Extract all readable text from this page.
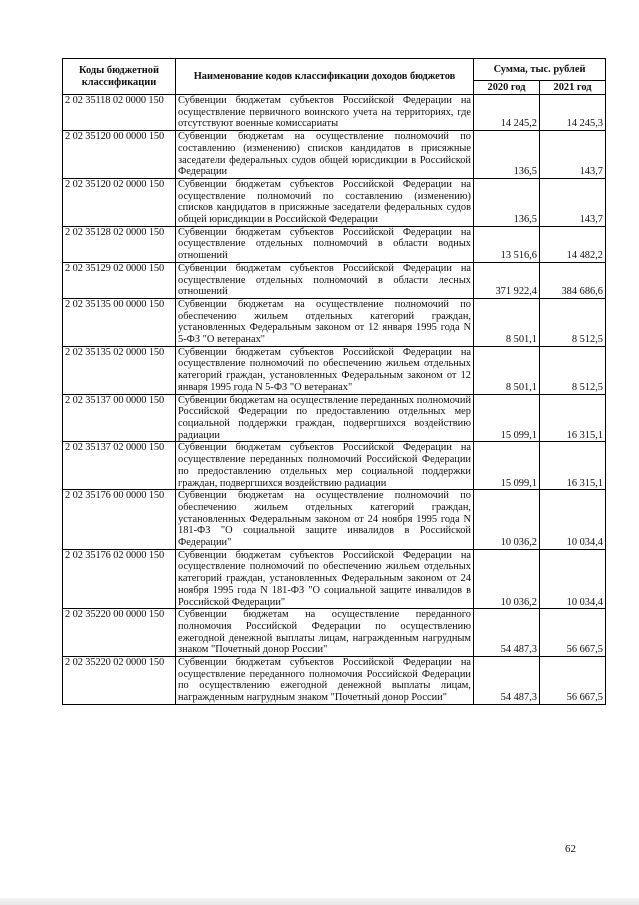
Коды бюджетной классификации	Наименование кодов классификации доходов бюджетов	Сумма, тыс. рублей	
		2020 год	2021 год
2 02 35118 02 0000 150	Субвенции бюджетам субъектов Российской Федерации на осуществление первичного воинского учета на территориях, где отсутствуют военные комиссариаты	14 245,2	14 245,3
2 02 35120 00 0000 150	Субвенции бюджетам на осуществление полномочий по составлению (изменению) списков кандидатов в присяжные заседатели федеральных судов общей юрисдикции в Российской Федерации	136,5	143,7
2 02 35120 02 0000 150	Субвенции бюджетам субъектов Российской Федерации на осуществление полномочий по составлению (изменению) списков кандидатов в присяжные заседатели федеральных судов общей юрисдикции в Российской Федерации	136,5	143,7
2 02 35128 02 0000 150	Субвенции бюджетам субъектов Российской Федерации на осуществление отдельных полномочий в области водных отношений	13 516,6	14 482,2
2 02 35129 02 0000 150	Субвенции бюджетам субъектов Российской Федерации на осуществление отдельных полномочий в области лесных отношений	371 922,4	384 686,6
2 02 35135 00 0000 150	Субвенции бюджетам на осуществление полномочий по обеспечению жильем отдельных категорий граждан, установленных Федеральным законом от 12 января 1995 года N 5-ФЗ "О ветеранах"	8 501,1	8 512,5
2 02 35135 02 0000 150	Субвенции бюджетам субъектов Российской Федерации на осуществление полномочий по обеспечению жильем отдельных категорий граждан, установленных Федеральным законом от 12 января 1995 года N 5-ФЗ "О ветеранах"	8 501,1	8 512,5
2 02 35137 00 0000 150	Субвенции бюджетам на осуществление переданных полномочий Российской Федерации по предоставлению отдельных мер социальной поддержки граждан, подвергшихся воздействию радиации	15 099,1	16 315,1
2 02 35137 02 0000 150	Субвенции бюджетам субъектов Российской Федерации на осуществление переданных полномочий Российской Федерации по предоставлению отдельных мер социальной поддержки граждан, подвергшихся воздействию радиации	15 099,1	16 315,1
2 02 35176 00 0000 150	Субвенции бюджетам на осуществление полномочий по обеспечению жильем отдельных категорий граждан, установленных Федеральным законом от 24 ноября 1995 года N 181-ФЗ "О социальной защите инвалидов в Российской Федерации"	10 036,2	10 034,4
2 02 35176 02 0000 150	Субвенции бюджетам субъектов Российской Федерации на осуществление полномочий по обеспечению жильем отдельных категорий граждан, установленных Федеральным законом от 24 ноября 1995 года N 181-ФЗ "О социальной защите инвалидов в Российской Федерации"	10 036,2	10 034,4
2 02 35220 00 0000 150	Субвенции бюджетам на осуществление переданного полномочия Российской Федерации по осуществлению ежегодной денежной выплаты лицам, награжденным нагрудным знаком "Почетный донор России"	54 487,3	56 667,5
2 02 35220 02 0000 150	Субвенции бюджетам субъектов Российской Федерации на осуществление переданного полномочия Российской Федерации по осуществлению ежегодной денежной выплаты лицам, награжденным нагрудным знаком "Почетный донор России"	54 487,3	56 667,5
62
